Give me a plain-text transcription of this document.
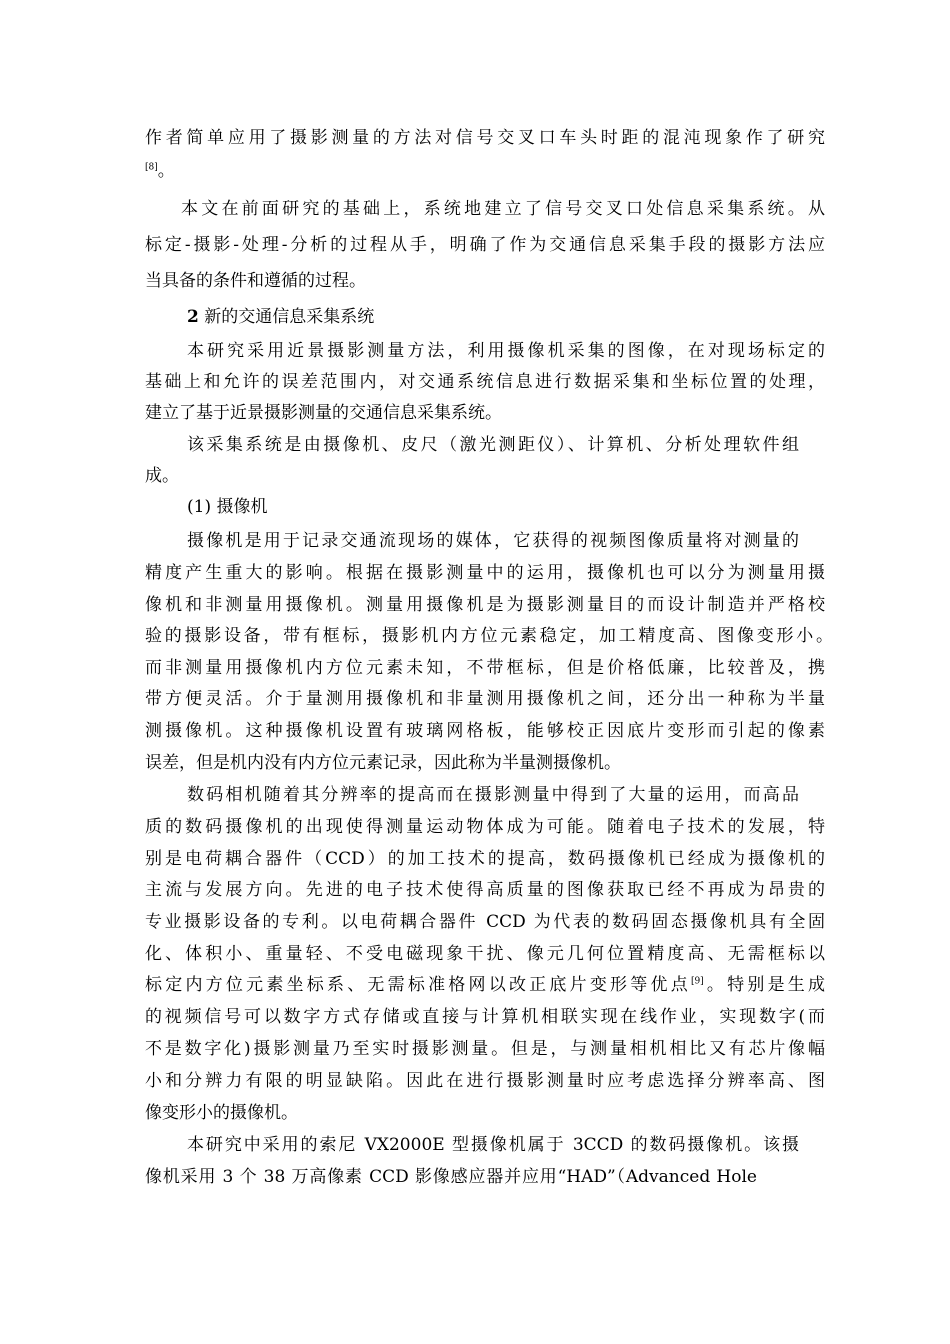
作者简单应用了摄影测量的方法对信号交叉口车头时距的混沌现象作了研究
[8]。
本文在前面研究的基础上，系统地建立了信号交叉口处信息采集系统。从
标定-摄影-处理-分析的过程从手，明确了作为交通信息采集手段的摄影方法应
当具备的条件和遵循的过程。
2 新的交通信息采集系统
本研究采用近景摄影测量方法，利用摄像机采集的图像，在对现场标定的
基础上和允许的误差范围内，对交通系统信息进行数据采集和坐标位置的处理，
建立了基于近景摄影测量的交通信息采集系统。
该采集系统是由摄像机、皮尺（激光测距仪）、计算机、分析处理软件组
成。
(1) 摄像机
摄像机是用于记录交通流现场的媒体，它获得的视频图像质量将对测量的
精度产生重大的影响。根据在摄影测量中的运用，摄像机也可以分为测量用摄
像机和非测量用摄像机。测量用摄像机是为摄影测量目的而设计制造并严格校
验的摄影设备，带有框标，摄影机内方位元素稳定，加工精度高、图像变形小。
而非测量用摄像机内方位元素未知，不带框标，但是价格低廉，比较普及，携
带方便灵活。介于量测用摄像机和非量测用摄像机之间，还分出一种称为半量
测摄像机。这种摄像机设置有玻璃网格板，能够校正因底片变形而引起的像素
误差，但是机内没有内方位元素记录，因此称为半量测摄像机。
数码相机随着其分辨率的提高而在摄影测量中得到了大量的运用，而高品
质的数码摄像机的出现使得测量运动物体成为可能。随着电子技术的发展，特
别是电荷耦合器件（CCD）的加工技术的提高，数码摄像机已经成为摄像机的
主流与发展方向。先进的电子技术使得高质量的图像获取已经不再成为昂贵的
专业摄影设备的专利。以电荷耦合器件 CCD 为代表的数码固态摄像机具有全固
化、体积小、重量轻、不受电磁现象干扰、像元几何位置精度高、无需框标以
标定内方位元素坐标系、无需标准格网以改正底片变形等优点[9]。特别是生成
的视频信号可以数字方式存储或直接与计算机相联实现在线作业，实现数字(而
不是数字化)摄影测量乃至实时摄影测量。但是，与测量相机相比又有芯片像幅
小和分辨力有限的明显缺陷。因此在进行摄影测量时应考虑选择分辨率高、图
像变形小的摄像机。
本研究中采用的索尼 VX2000E 型摄像机属于 3CCD 的数码摄像机。该摄
像机采用 3 个 38 万高像素 CCD 影像感应器并应用“HAD”（Advanced Hole
